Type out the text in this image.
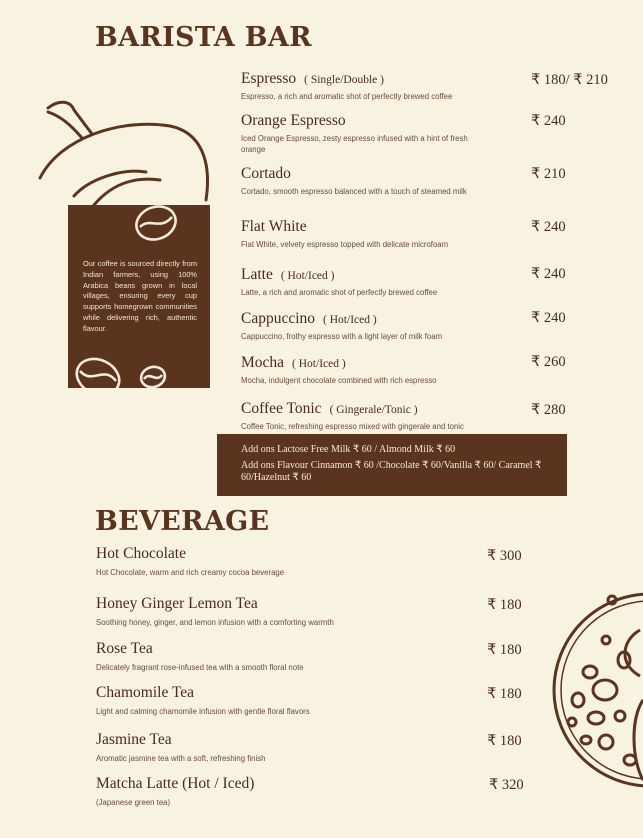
BARISTA BAR
Espresso ( Single/Double )
Espresso, a rich and aromatic shot of perfectly brewed coffee
₹ 180/ ₹ 210
Orange Espresso
Iced Orange Espresso, zesty espresso infused with a hint of fresh orange
₹ 240
Cortado
Cortado, smooth espresso balanced with a touch of steamed milk
₹ 210
Flat White
Flat White, velvety espresso topped with delicate microfoam
₹ 240
Latte ( Hot/Iced )
Latte, a rich and aromatic shot of perfectly brewed coffee
₹ 240
Cappuccino ( Hot/Iced )
Cappuccino, frothy espresso with a light layer of milk foam
₹ 240
Mocha ( Hot/Iced )
Mocha, indulgent chocolate combined with rich espresso
₹ 260
Coffee Tonic ( Gingerale/Tonic )
Coffee Tonic, refreshing espresso mixed with gingerale and tonic
₹ 280

Our coffee is sourced directly from Indian farmers, using 100% Arabica beans grown in local villages, ensuring every cup supports homegrown communities while delivering rich, authentic flavour.

Add ons Lactose Free Milk ₹ 60 / Almond Milk ₹ 60

Add ons Flavour Cinnamon ₹ 60 /Chocolate ₹ 60/Vanilla ₹ 60/ Caramel ₹ 60/Hazelnut ₹ 60

BEVERAGE
Hot Chocolate
Hot Chocolate, warm and rich creamy cocoa beverage
₹ 300
Honey Ginger Lemon Tea
Soothing honey, ginger, and lemon infusion with a comforting warmth
₹ 180
Rose Tea
Delicately fragrant rose-infused tea with a smooth floral note
₹ 180
Chamomile Tea
Light and calming chamomile infusion with gentle floral flavors
₹ 180
Jasmine Tea
Aromatic jasmine tea with a soft, refreshing finish
₹ 180
Matcha Latte (Hot / Iced)
(Japanese green tea)
₹ 320
